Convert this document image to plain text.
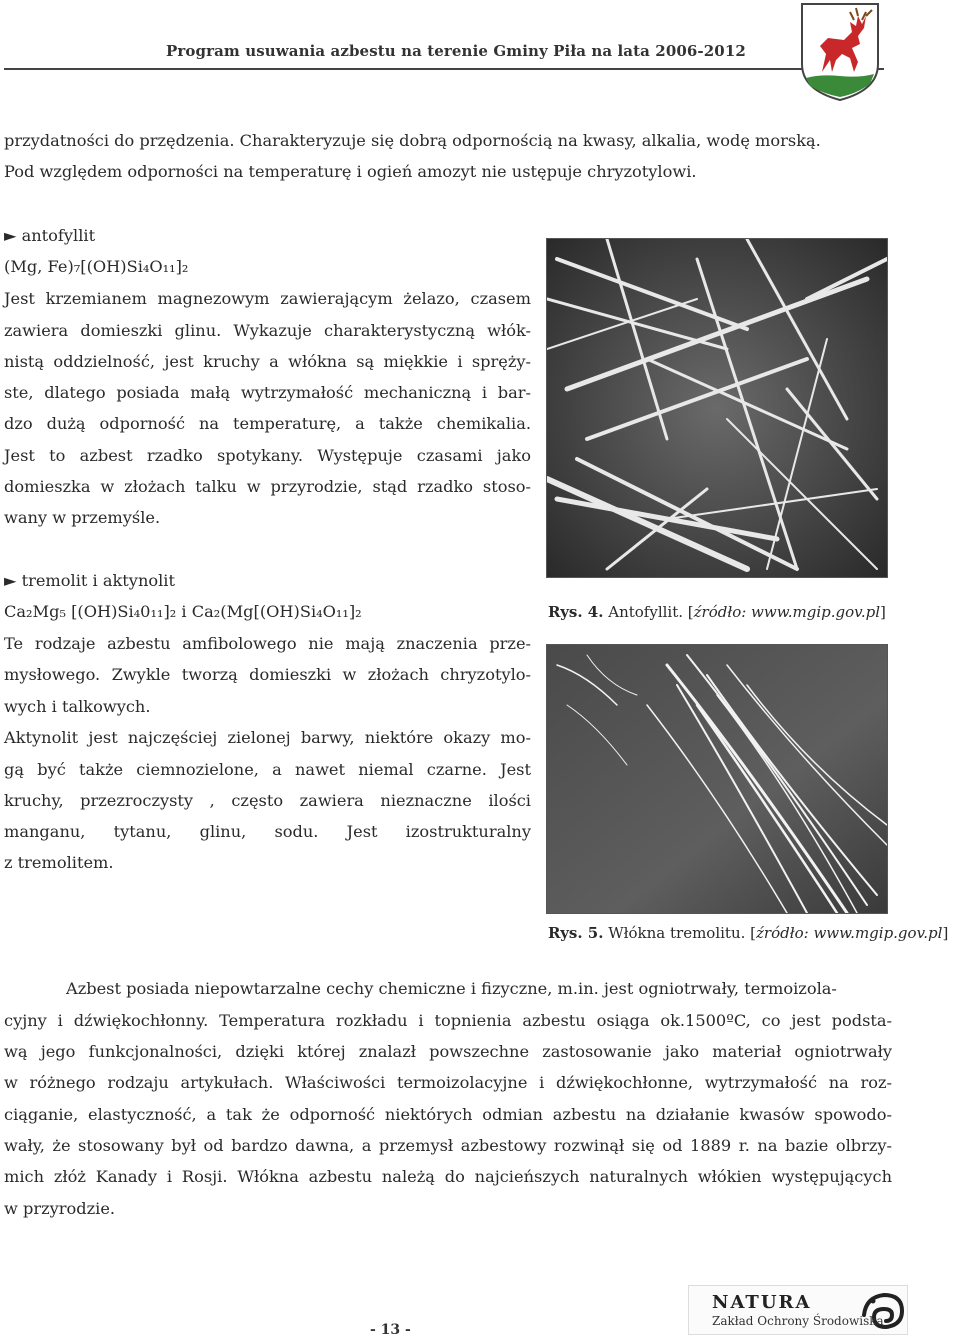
Program usuwania azbestu na terenie Gminy Piła na lata 2006-2012
przydatności do przędzenia. Charakteryzuje się dobrą odpornością na kwasy, alkalia, wodę morską.
Pod względem odporności na temperaturę i ogień amozyt nie ustępuje chryzotylowi.
► antofyllit
(Mg, Fe)₇[(OH)Si₄O₁₁]₂
Jest krzemianem magnezowym zawierającym żelazo, czasem
zawiera domieszki glinu. Wykazuje charakterystyczną włók-
nistą oddzielność, jest kruchy a włókna są miękkie i spręży-
ste, dlatego posiada małą wytrzymałość mechaniczną i bar-
dzo dużą odporność na temperaturę, a także chemikalia.
Jest to azbest rzadko spotykany. Występuje czasami jako
domieszka w złożach talku w przyrodzie, stąd rzadko stoso-
wany w przemyśle.
► tremolit i aktynolit
Ca₂Mg₅ [(OH)Si₄0₁₁]₂ i Ca₂(Mg[(OH)Si₄O₁₁]₂
Te rodzaje azbestu amfibolowego nie mają znaczenia prze-
mysłowego. Zwykle tworzą domieszki w złożach chryzotylo-
wych i talkowych.
Aktynolit jest najczęściej zielonej barwy, niektóre okazy mo-
gą być także ciemnozielone, a nawet niemal czarne. Jest
kruchy, przezroczysty , często zawiera nieznaczne ilości
manganu, tytanu, glinu, sodu. Jest izostrukturalny
z tremolitem.
Rys. 4. Antofyllit. [źródło: www.mgip.gov.pl]
Rys. 5. Włókna tremolitu. [źródło: www.mgip.gov.pl]
Azbest posiada niepowtarzalne cechy chemiczne i fizyczne, m.in. jest ogniotrwały, termoizola-
cyjny i dźwiękochłonny. Temperatura rozkładu i topnienia azbestu osiąga ok.1500ºC, co jest podsta-
wą jego funkcjonalności, dzięki której znalazł powszechne zastosowanie jako materiał ogniotrwały
w różnego rodzaju artykułach. Właściwości termoizolacyjne i dźwiękochłonne, wytrzymałość na roz-
ciąganie, elastyczność, a tak że odporność niektórych odmian azbestu na działanie kwasów spowodo-
wały, że stosowany był od bardzo dawna, a przemysł azbestowy rozwinął się od 1889 r. na bazie olbrzy-
mich złóż Kanady i Rosji. Włókna azbestu należą do najcieńszych naturalnych włókien występujących
w przyrodzie.
- 13 -
NATURA
Zakład Ochrony Środowiska
